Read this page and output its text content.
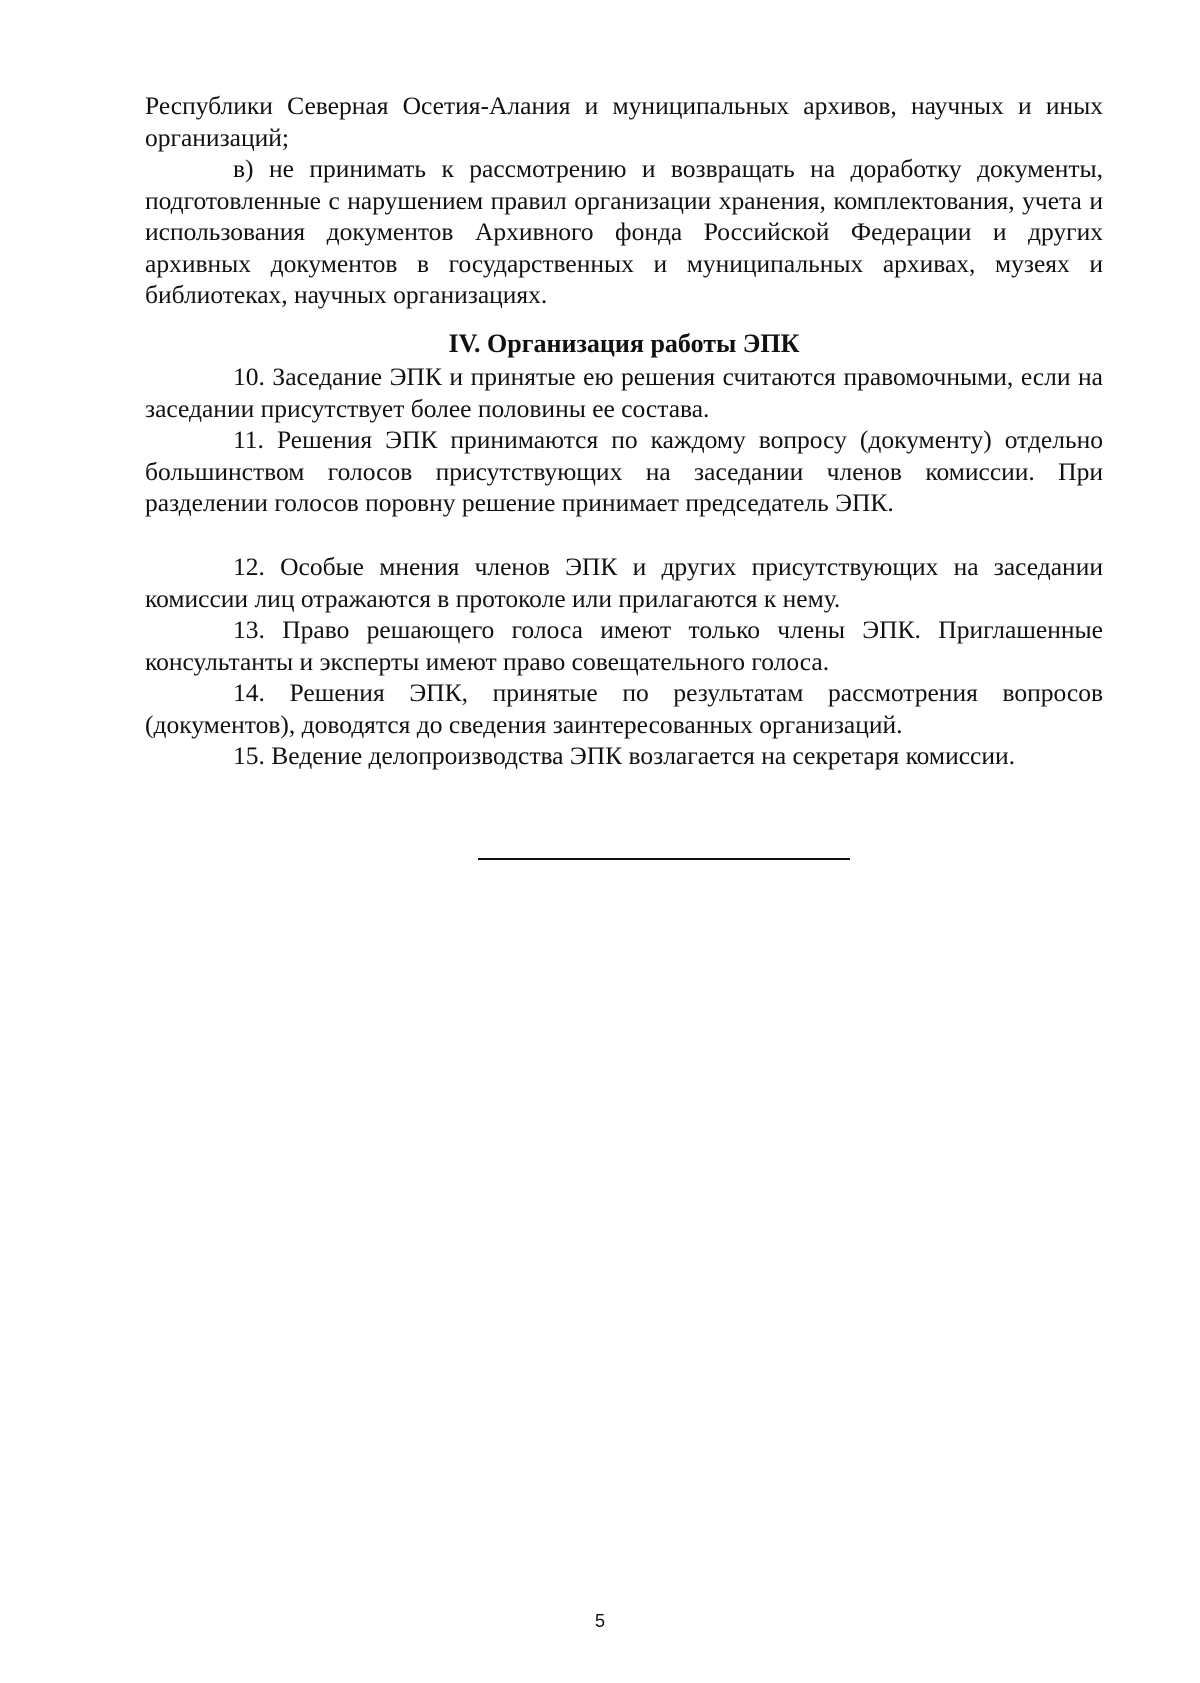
Республики Северная Осетия-Алания и муниципальных архивов, научных и иных организаций;

в) не принимать к рассмотрению и возвращать на доработку документы, подготовленные с нарушением правил организации хранения, комплектования, учета и использования документов Архивного фонда Российской Федерации и других архивных документов в государственных и муниципальных архивах, музеях и библиотеках, научных организациях.

IV. Организация работы ЭПК

10. Заседание ЭПК и принятые ею решения считаются правомочными, если на заседании присутствует более половины ее состава.

11. Решения ЭПК принимаются по каждому вопросу (документу) отдельно большинством голосов присутствующих на заседании членов комиссии. При разделении голосов поровну решение принимает председатель ЭПК.

12. Особые мнения членов ЭПК и других присутствующих на заседании комиссии лиц отражаются в протоколе или прилагаются к нему.

13. Право решающего голоса имеют только члены ЭПК. Приглашенные консультанты и эксперты имеют право совещательного голоса.

14. Решения ЭПК, принятые по результатам рассмотрения вопросов (документов), доводятся до сведения заинтересованных организаций.

15. Ведение делопроизводства ЭПК возлагается на секретаря комиссии.

5
